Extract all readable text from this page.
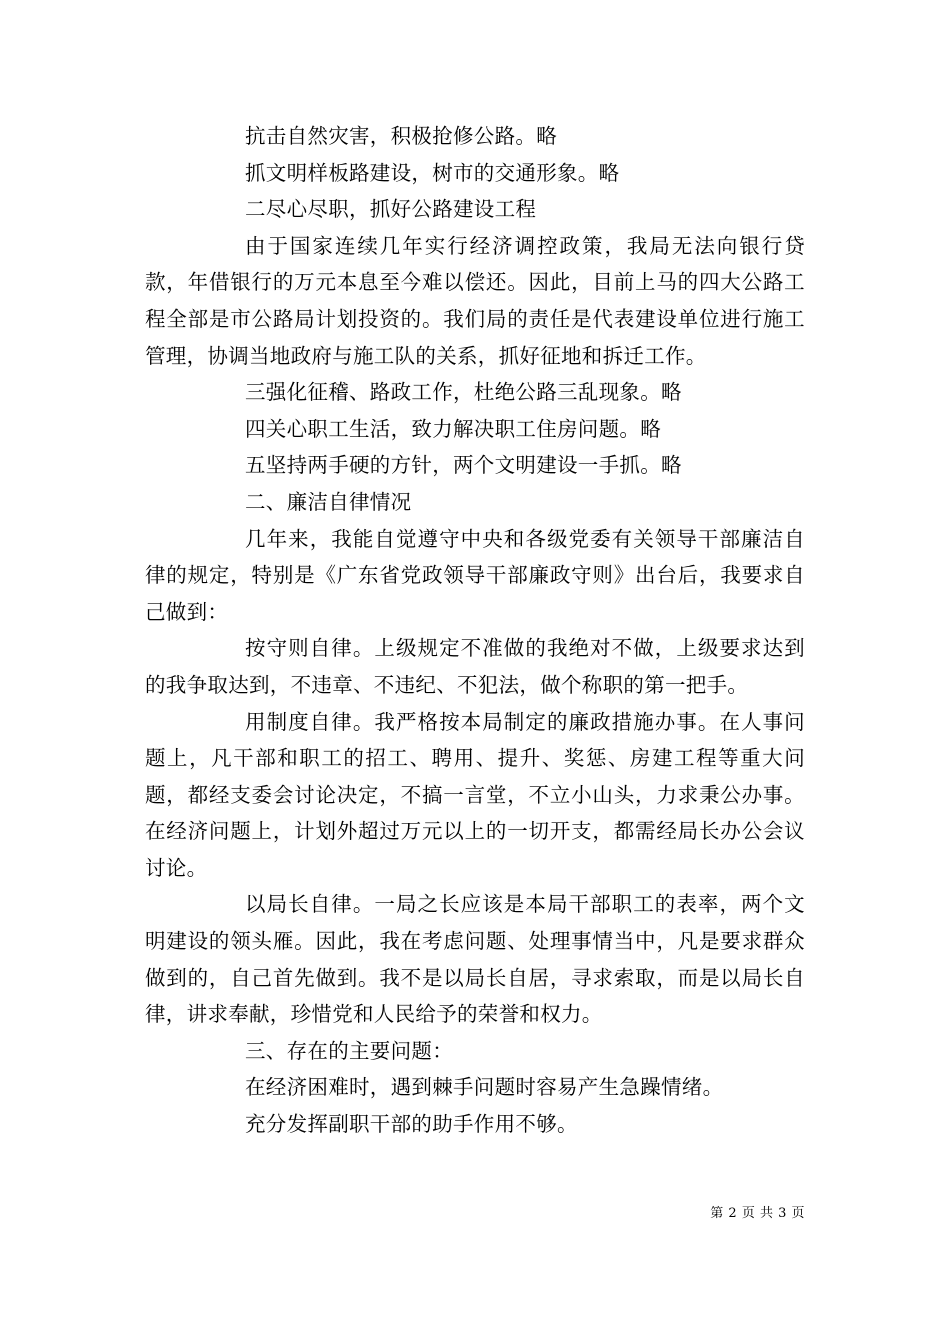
抗击自然灾害，积极抢修公路。略

抓文明样板路建设，树市的交通形象。略

二尽心尽职，抓好公路建设工程

由于国家连续几年实行经济调控政策，我局无法向银行贷款，年借银行的万元本息至今难以偿还。因此，目前上马的四大公路工程全部是市公路局计划投资的。我们局的责任是代表建设单位进行施工管理，协调当地政府与施工队的关系，抓好征地和拆迁工作。

三强化征稽、路政工作，杜绝公路三乱现象。略

四关心职工生活，致力解决职工住房问题。略

五坚持两手硬的方针，两个文明建设一手抓。略

二、廉洁自律情况

几年来，我能自觉遵守中央和各级党委有关领导干部廉洁自律的规定，特别是《广东省党政领导干部廉政守则》出台后，我要求自己做到：

按守则自律。上级规定不准做的我绝对不做，上级要求达到的我争取达到，不违章、不违纪、不犯法，做个称职的第一把手。

用制度自律。我严格按本局制定的廉政措施办事。在人事问题上，凡干部和职工的招工、聘用、提升、奖惩、房建工程等重大问题，都经支委会讨论决定，不搞一言堂，不立小山头，力求秉公办事。在经济问题上，计划外超过万元以上的一切开支，都需经局长办公会议讨论。

以局长自律。一局之长应该是本局干部职工的表率，两个文明建设的领头雁。因此，我在考虑问题、处理事情当中，凡是要求群众做到的，自己首先做到。我不是以局长自居，寻求索取，而是以局长自律，讲求奉献，珍惜党和人民给予的荣誉和权力。

三、存在的主要问题：

在经济困难时，遇到棘手问题时容易产生急躁情绪。

充分发挥副职干部的助手作用不够。

第 2 页 共 3 页
